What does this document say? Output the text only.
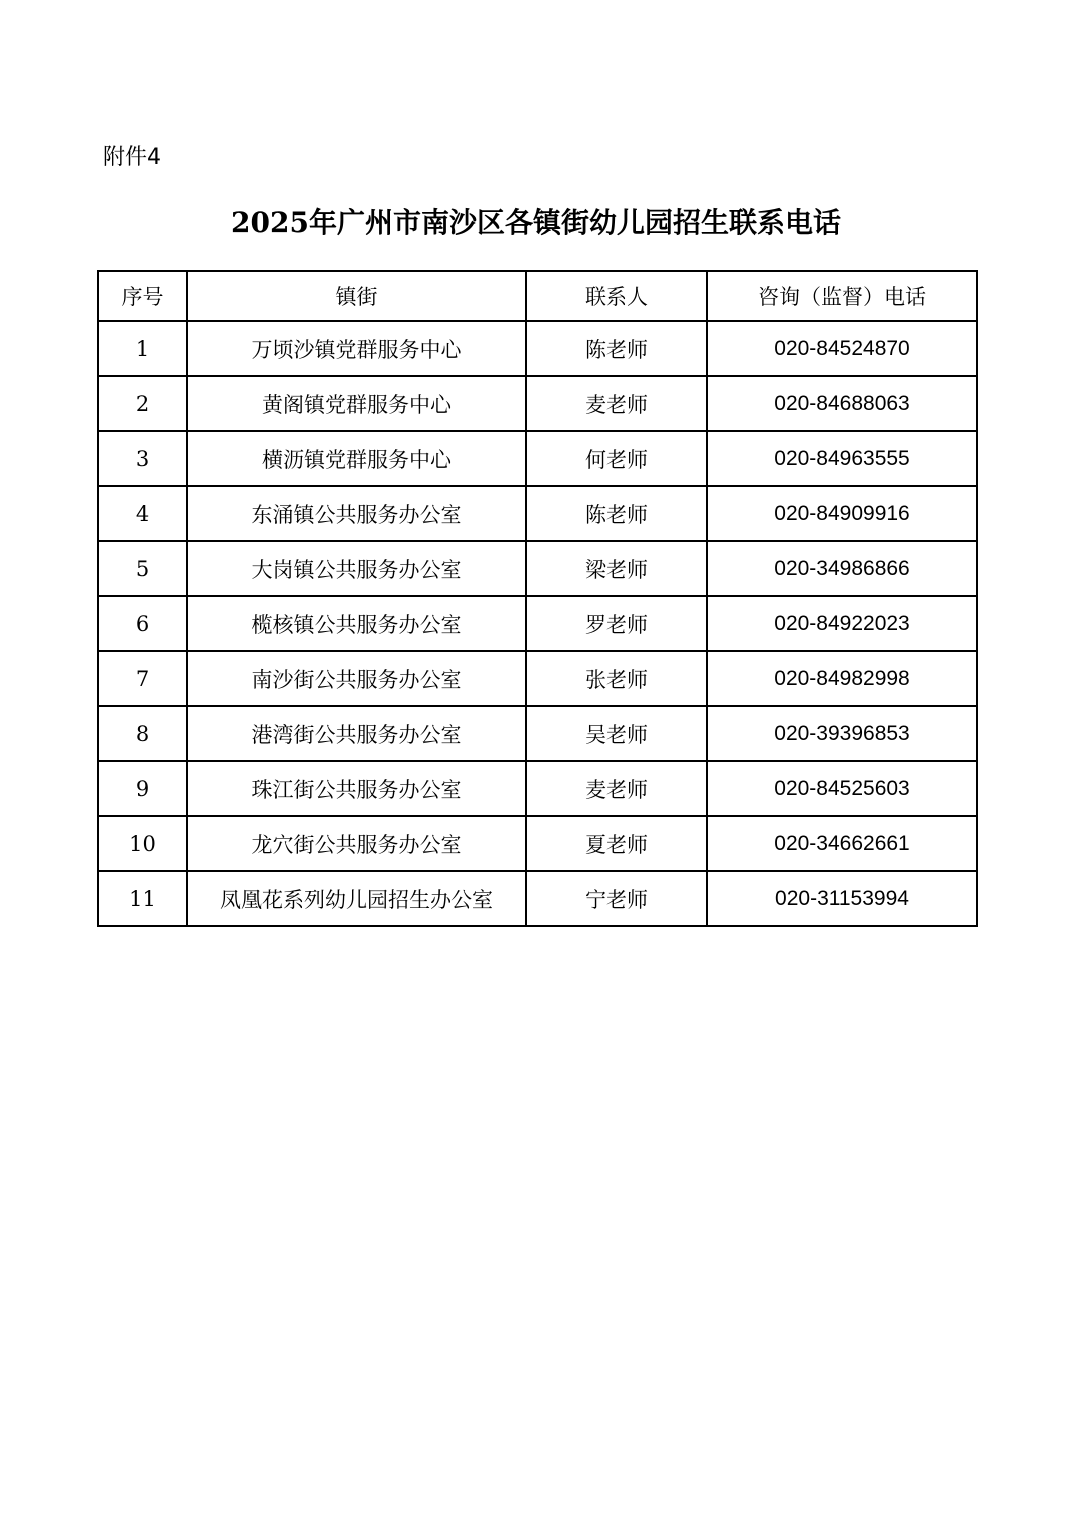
附件4
2025年广州市南沙区各镇街幼儿园招生联系电话
序号	镇街	联系人	咨询（监督）电话
1	万顷沙镇党群服务中心	陈老师	020-84524870
2	黄阁镇党群服务中心	麦老师	020-84688063
3	横沥镇党群服务中心	何老师	020-84963555
4	东涌镇公共服务办公室	陈老师	020-84909916
5	大岗镇公共服务办公室	梁老师	020-34986866
6	榄核镇公共服务办公室	罗老师	020-84922023
7	南沙街公共服务办公室	张老师	020-84982998
8	港湾街公共服务办公室	吴老师	020-39396853
9	珠江街公共服务办公室	麦老师	020-84525603
10	龙穴街公共服务办公室	夏老师	020-34662661
11	凤凰花系列幼儿园招生办公室	宁老师	020-31153994
